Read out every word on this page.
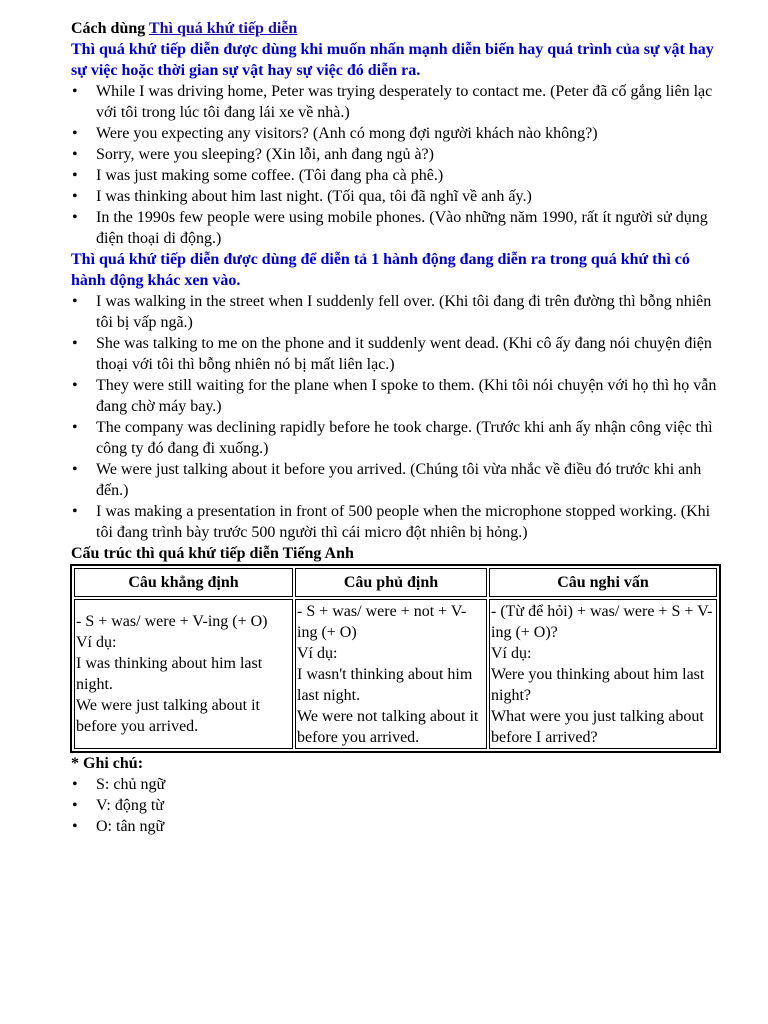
Cách dùng Thì quá khứ tiếp diễn

Thì quá khứ tiếp diễn được dùng khi muốn nhấn mạnh diễn biến hay quá trình của sự vật hay sự việc hoặc thời gian sự vật hay sự việc đó diễn ra.

• While I was driving home, Peter was trying desperately to contact me. (Peter đã cố gắng liên lạc với tôi trong lúc tôi đang lái xe về nhà.)
• Were you expecting any visitors? (Anh có mong đợi người khách nào không?)
• Sorry, were you sleeping? (Xin lỗi, anh đang ngủ à?)
• I was just making some coffee. (Tôi đang pha cà phê.)
• I was thinking about him last night. (Tối qua, tôi đã nghĩ về anh ấy.)
• In the 1990s few people were using mobile phones. (Vào những năm 1990, rất ít người sử dụng điện thoại di động.)

Thì quá khứ tiếp diễn được dùng để diễn tả 1 hành động đang diễn ra trong quá khứ thì có hành động khác xen vào.

• I was walking in the street when I suddenly fell over. (Khi tôi đang đi trên đường thì bỗng nhiên tôi bị vấp ngã.)
• She was talking to me on the phone and it suddenly went dead. (Khi cô ấy đang nói chuyện điện thoại với tôi thì bỗng nhiên nó bị mất liên lạc.)
• They were still waiting for the plane when I spoke to them. (Khi tôi nói chuyện với họ thì họ vẫn đang chờ máy bay.)
• The company was declining rapidly before he took charge. (Trước khi anh ấy nhận công việc thì công ty đó đang đi xuống.)
• We were just talking about it before you arrived. (Chúng tôi vừa nhắc về điều đó trước khi anh đến.)
• I was making a presentation in front of 500 people when the microphone stopped working. (Khi tôi đang trình bày trước 500 người thì cái micro đột nhiên bị hỏng.)
Cấu trúc thì quá khứ tiếp diễn Tiếng Anh
Câu khẳng định	Câu phủ định	Câu nghi vấn

- S + was/ were + V-ing (+ O)
Ví dụ:
I was thinking about him last night.
We were just talking about it before you arrived.	- S + was/ were + not + V-ing (+ O)
Ví dụ:
I wasn't thinking about him last night.
We were not talking about it before you arrived.	- (Từ để hỏi) + was/ were + S + V-ing (+ O)?
Ví dụ:
Were you thinking about him last night?
What were you just talking about before I arrived?
* Ghi chú:
• S: chủ ngữ
• V: động từ
• O: tân ngữ
